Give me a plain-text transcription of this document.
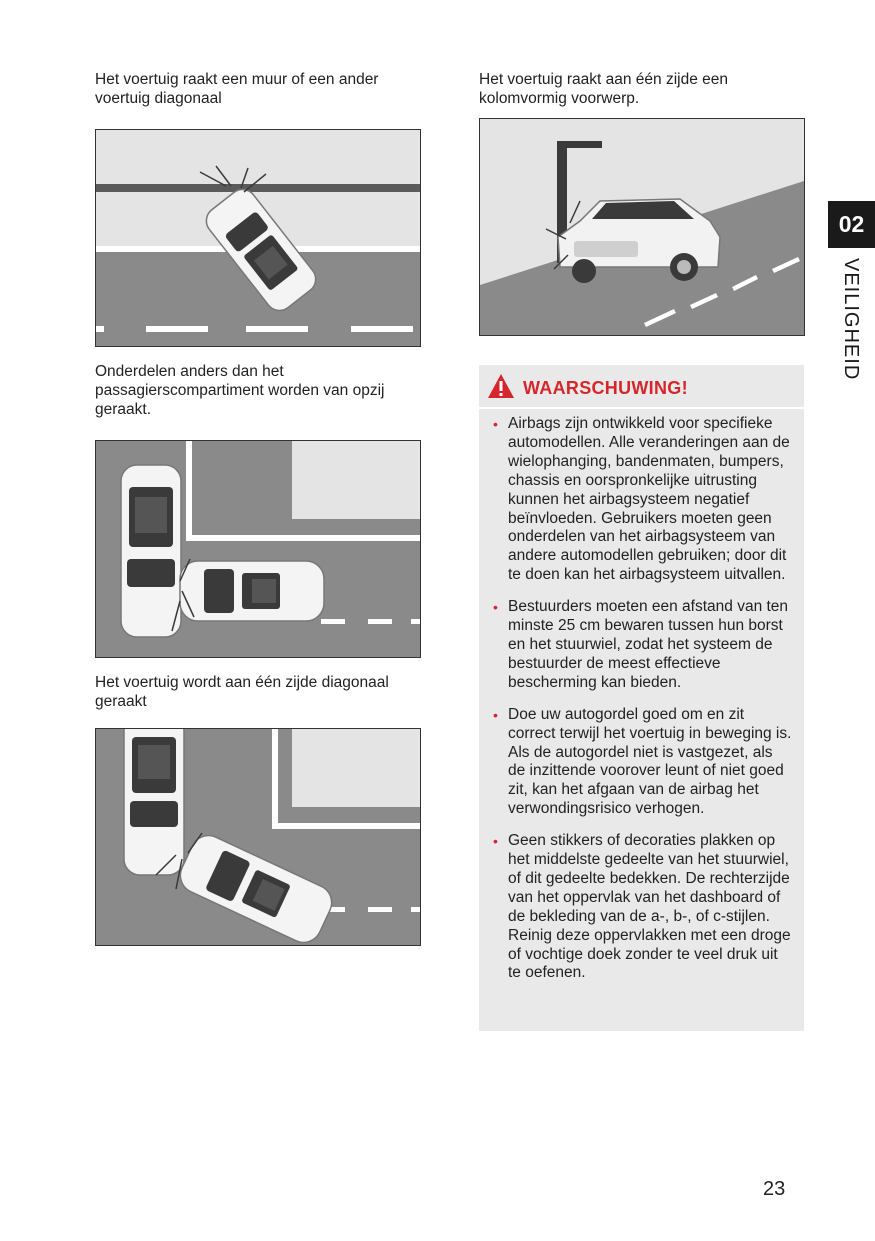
Het voertuig raakt een muur of een ander voertuig diagonaal
Onderdelen anders dan het passagierscompartiment worden van opzij geraakt.
Het voertuig wordt aan één zijde diagonaal geraakt
Het voertuig raakt aan één zijde een kolomvormig voorwerp.
WAARSCHUWING!
• Airbags zijn ontwikkeld voor specifieke automodellen. Alle veranderingen aan de wielophanging, bandenmaten, bumpers, chassis en oorspronkelijke uitrusting kunnen het airbagsysteem negatief beïnvloeden. Gebruikers moeten geen onderdelen van het airbagsysteem van andere automodellen gebruiken; door dit te doen kan het airbagsysteem uitvallen.
• Bestuurders moeten een afstand van ten minste 25 cm bewaren tussen hun borst en het stuurwiel, zodat het systeem de bestuurder de meest effectieve bescherming kan bieden.
• Doe uw autogordel goed om en zit correct terwijl het voertuig in beweging is. Als de autogordel niet is vastgezet, als de inzittende voorover leunt of niet goed zit, kan het afgaan van de airbag het verwondingsrisico verhogen.
• Geen stikkers of decoraties plakken op het middelste gedeelte van het stuurwiel, of dit gedeelte bedekken. De rechterzijde van het oppervlak van het dashboard of de bekleding van de a-, b-, of c-stijlen. Reinig deze oppervlakken met een droge of vochtige doek zonder te veel druk uit te oefenen.
02
VEILIGHEID
23
